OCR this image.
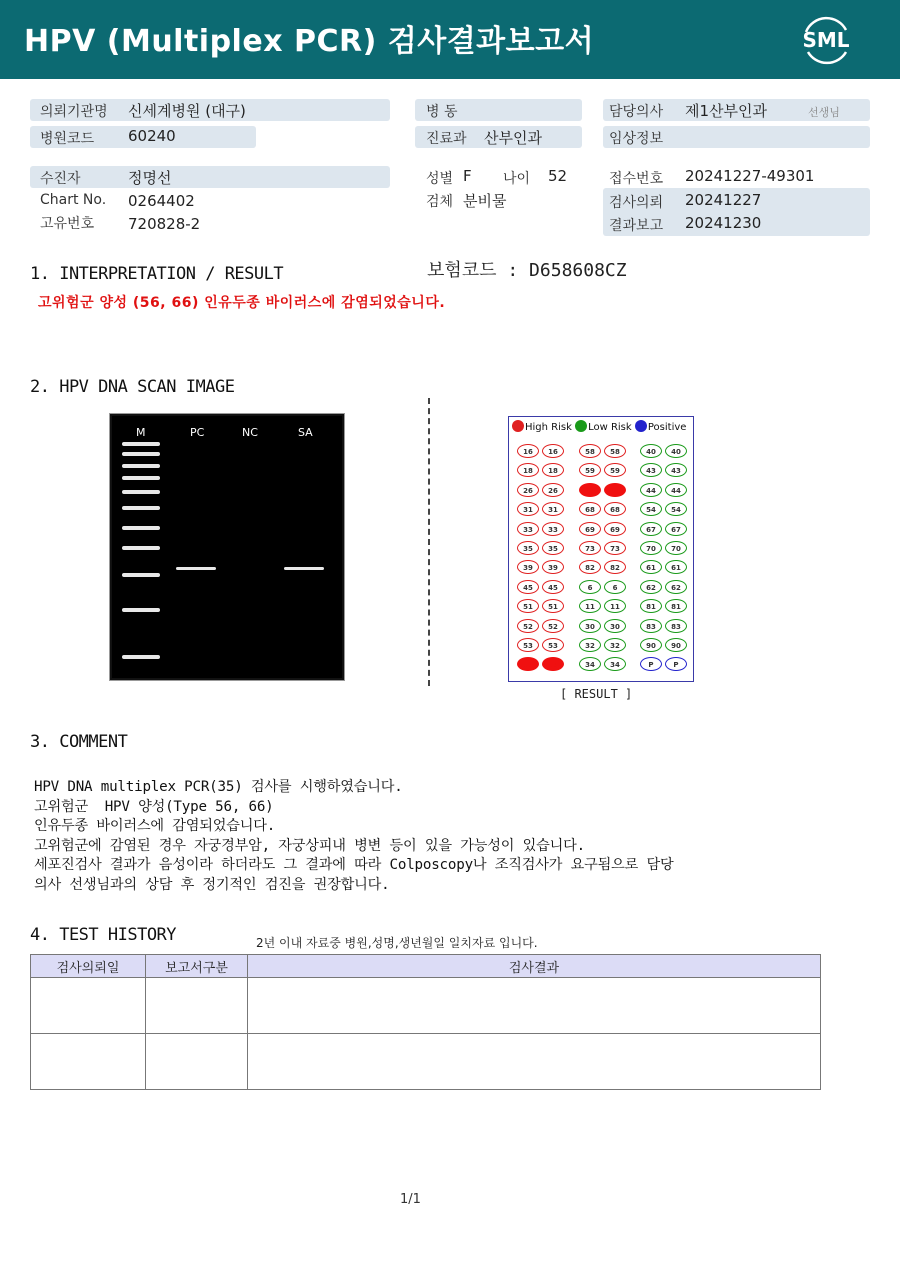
HPV (Multiplex PCR) 검사결과보고서	SML
의뢰기관명 신세계병원 (대구)
병원코드 60240
병 동
진료과 산부인과
담당의사 제1산부인과	선생님
임상정보
수진자	정명선
Chart No. 0264402
고유번호 720828-2
성별 F 나이 52
검체 분비물
접수번호 20241227-49301
검사의뢰 20241227
결과보고 20241230
1. INTERPRETATION / RESULT	보험코드 : D658608CZ
고위험군 양성 (56, 66) 인유두종 바이러스에 감염되었습니다.
2. HPV DNA SCAN IMAGE
M	PC	NC	SA	High Risk Low Risk Positive
16	16	58	58	40	40
18	18	59	59	43	43
26	26	66	66	44	44
31	31	68	68	54	54
33	33	69	69	67	67
35	35	73	73	70	70
39	39	82	82	61	61
45	45	6	6	62	62
51	51	11	11	81	81
52	52	30	30	83	83
53	53	32	32	90	90
56	56	34	34	P	P
[ RESULT ]
3. COMMENT
HPV DNA multiplex PCR(35) 검사를 시행하였습니다.
고위험군  HPV 양성(Type 56, 66)
인유두종 바이러스에 감염되었습니다.
고위험군에 감염된 경우 자궁경부암, 자궁상피내 병변 등이 있을 가능성이 있습니다.
세포진검사 결과가 음성이라 하더라도 그 결과에 따라 Colposcopy나 조직검사가 요구됨으로 담당
의사 선생님과의 상담 후 정기적인 검진을 권장합니다.
4. TEST HISTORY	2년 이내 자료중 병원,성명,생년월일 일치자료 입니다.
검사의뢰일	보고서구분	검사결과

1/1
